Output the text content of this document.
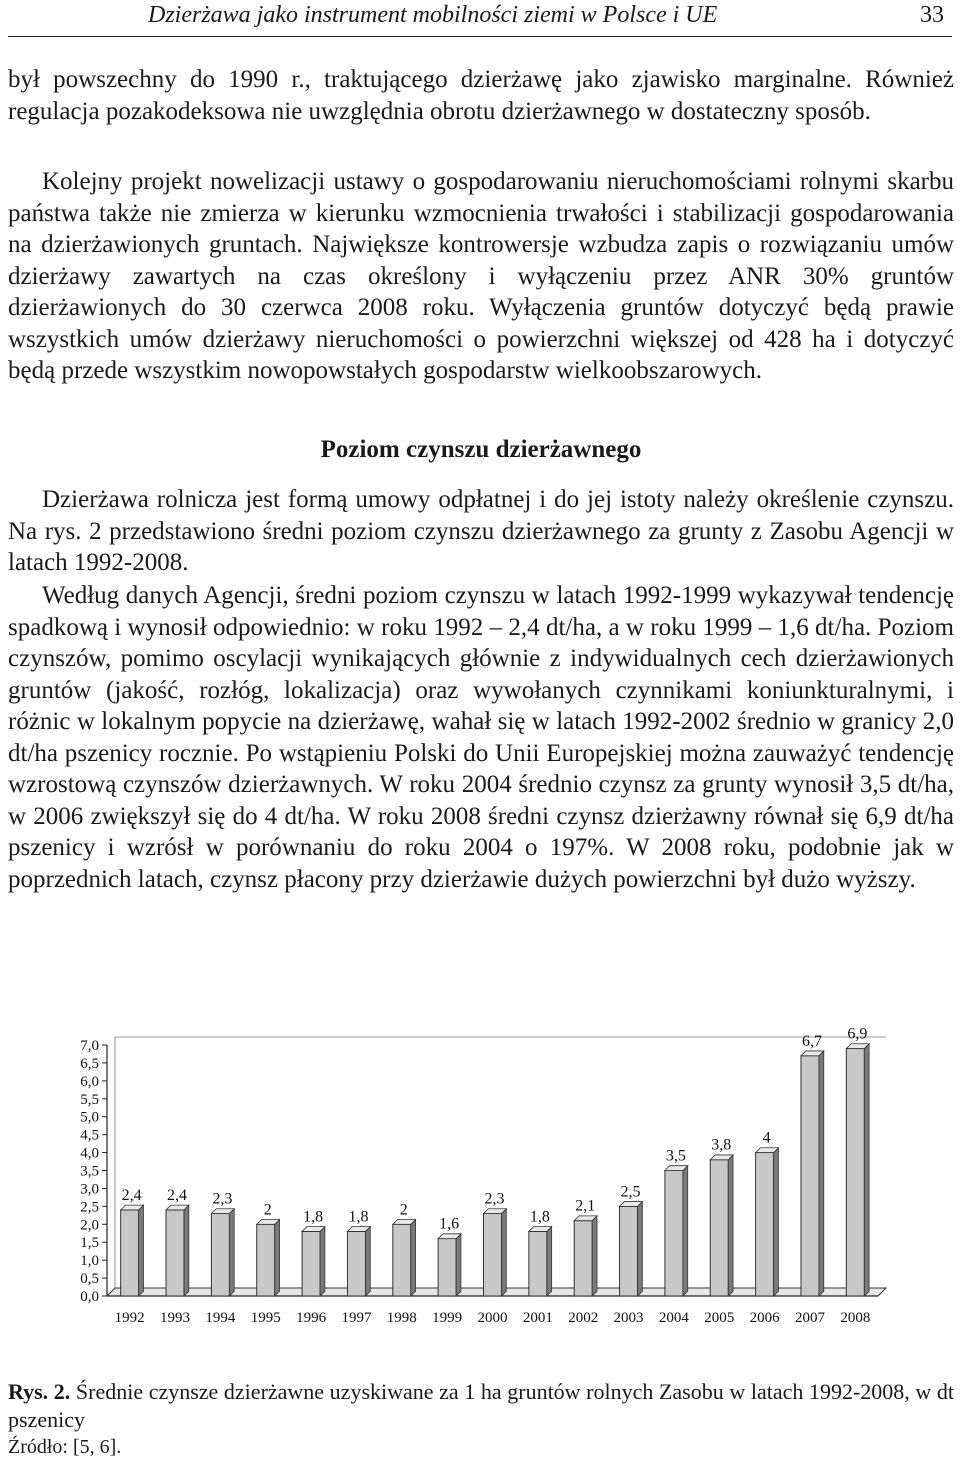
Dzierżawa jako instrument mobilności ziemi w Polsce i UE	33

był powszechny do 1990 r., traktującego dzierżawę jako zjawisko marginalne. Również regulacja pozakodeksowa nie uwzględnia obrotu dzierżawnego w dostateczny sposób.

Kolejny projekt nowelizacji ustawy o gospodarowaniu nieruchomościami rolnymi skarbu państwa także nie zmierza w kierunku wzmocnienia trwałości i stabilizacji gospodarowania na dzierżawionych gruntach. Największe kontrowersje wzbudza zapis o rozwiązaniu umów dzierżawy zawartych na czas określony i wyłączeniu przez ANR 30% gruntów dzierżawionych do 30 czerwca 2008 roku. Wyłączenia gruntów dotyczyć będą prawie wszystkich umów dzierżawy nieruchomości o powierzchni większej od 428 ha i dotyczyć będą przede wszystkim nowopowstałych gospodarstw wielkoobszarowych.

Poziom czynszu dzierżawnego

Dzierżawa rolnicza jest formą umowy odpłatnej i do jej istoty należy określenie czynszu. Na rys. 2 przedstawiono średni poziom czynszu dzierżawnego za grunty z Zasobu Agencji w latach 1992-2008.

Według danych Agencji, średni poziom czynszu w latach 1992-1999 wykazywał tendencję spadkową i wynosił odpowiednio: w roku 1992 – 2,4 dt/ha, a w roku 1999 – 1,6 dt/ha. Poziom czynszów, pomimo oscylacji wynikających głównie z indywidualnych cech dzierżawionych gruntów (jakość, rozłóg, lokalizacja) oraz wywołanych czynnikami koniunkturalnymi, i różnic w lokalnym popycie na dzierżawę, wahał się w latach 1992-2002 średnio w granicy 2,0 dt/ha pszenicy rocznie. Po wstąpieniu Polski do Unii Europejskiej można zauważyć tendencję wzrostową czynszów dzierżawnych. W roku 2004 średnio czynsz za grunty wynosił 3,5 dt/ha, w 2006 zwiększył się do 4 dt/ha. W roku 2008 średni czynsz dzierżawny równał się 6,9 dt/ha pszenicy i wzrósł w porównaniu do roku 2004 o 197%. W 2008 roku, podobnie jak w poprzednich latach, czynsz płacony przy dzierżawie dużych powierzchni był dużo wyższy.

0,0
0,5
1,0
1,5
2,0
2,5
3,0
3,5
4,0
4,5
5,0
5,5
6,0
6,5
7,0
2,4
1992
2,4
1993
2,3
1994
2
1995
1,8
1996
1,8
1997
2
1998
1,6
1999
2,3
2000
1,8
2001
2,1
2002
2,5
2003
3,5
2004
3,8
2005
4
2006
6,7
2007
6,9
2008

Rys. 2. Średnie czynsze dzierżawne uzyskiwane za 1 ha gruntów rolnych Zasobu w latach 1992-2008, w dt pszenicy

Źródło: [5, 6].
